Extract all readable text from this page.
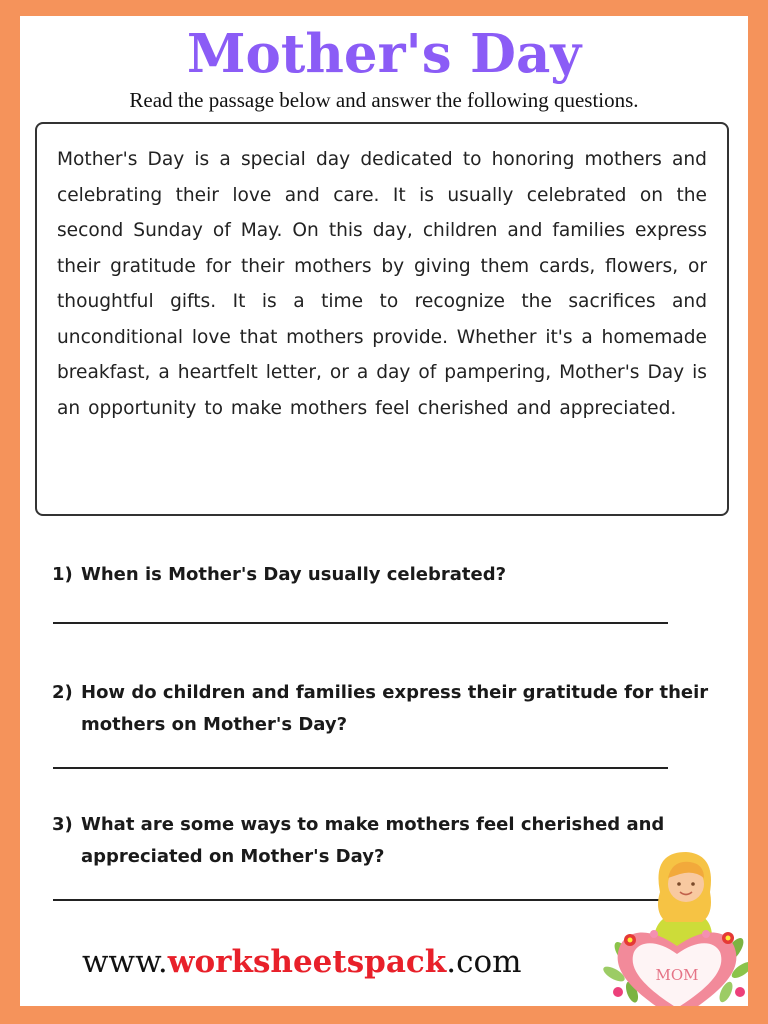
Mother's Day
Read the passage below and answer the following questions.

Mother's Day is a special day dedicated to honoring mothers and celebrating their love and care. It is usually celebrated on the second Sunday of May. On this day, children and families express their gratitude for their mothers by giving them cards, flowers, or thoughtful gifts. It is a time to recognize the sacrifices and unconditional love that mothers provide. Whether it's a homemade breakfast, a heartfelt letter, or a day of pampering, Mother's Day is an opportunity to make mothers feel cherished and appreciated.

1) When is Mother's Day usually celebrated?
2) How do children and families express their gratitude for their mothers on Mother's Day?
3) What are some ways to make mothers feel cherished and appreciated on Mother's Day?
www.worksheetspack.com	MOM
